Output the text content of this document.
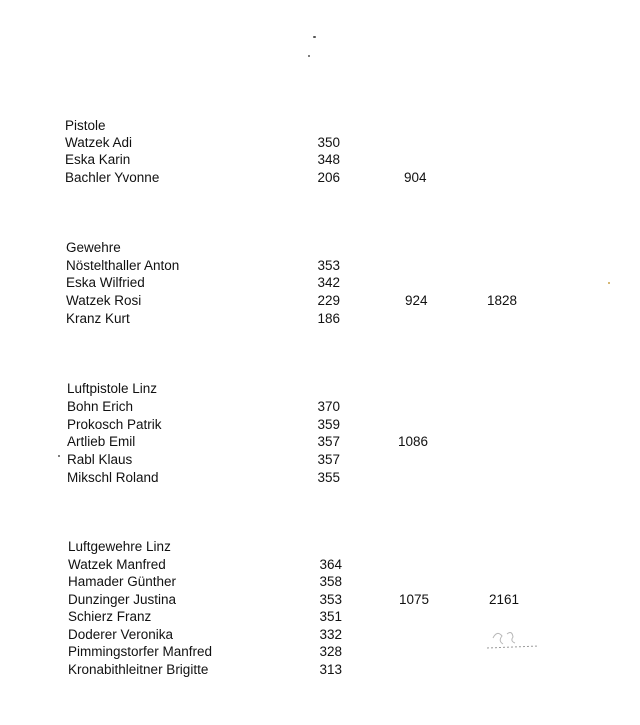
Pistole
Watzek Adi	350
Eska Karin	348
Bachler Yvonne	206	904
Gewehre
Nöstelthaller Anton	353
Eska Wilfried	342
Watzek Rosi	229	924	1828
Kranz Kurt	186
Luftpistole Linz
Bohn Erich	370
Prokosch Patrik	359
Artlieb Emil	357	1086
Rabl Klaus	357
Mikschl Roland	355
Luftgewehre Linz
Watzek Manfred	364
Hamader Günther	358
Dunzinger Justina	353	1075	2161
Schierz Franz	351
Doderer Veronika	332
Pimmingstorfer Manfred	328
Kronabithleitner Brigitte	313
